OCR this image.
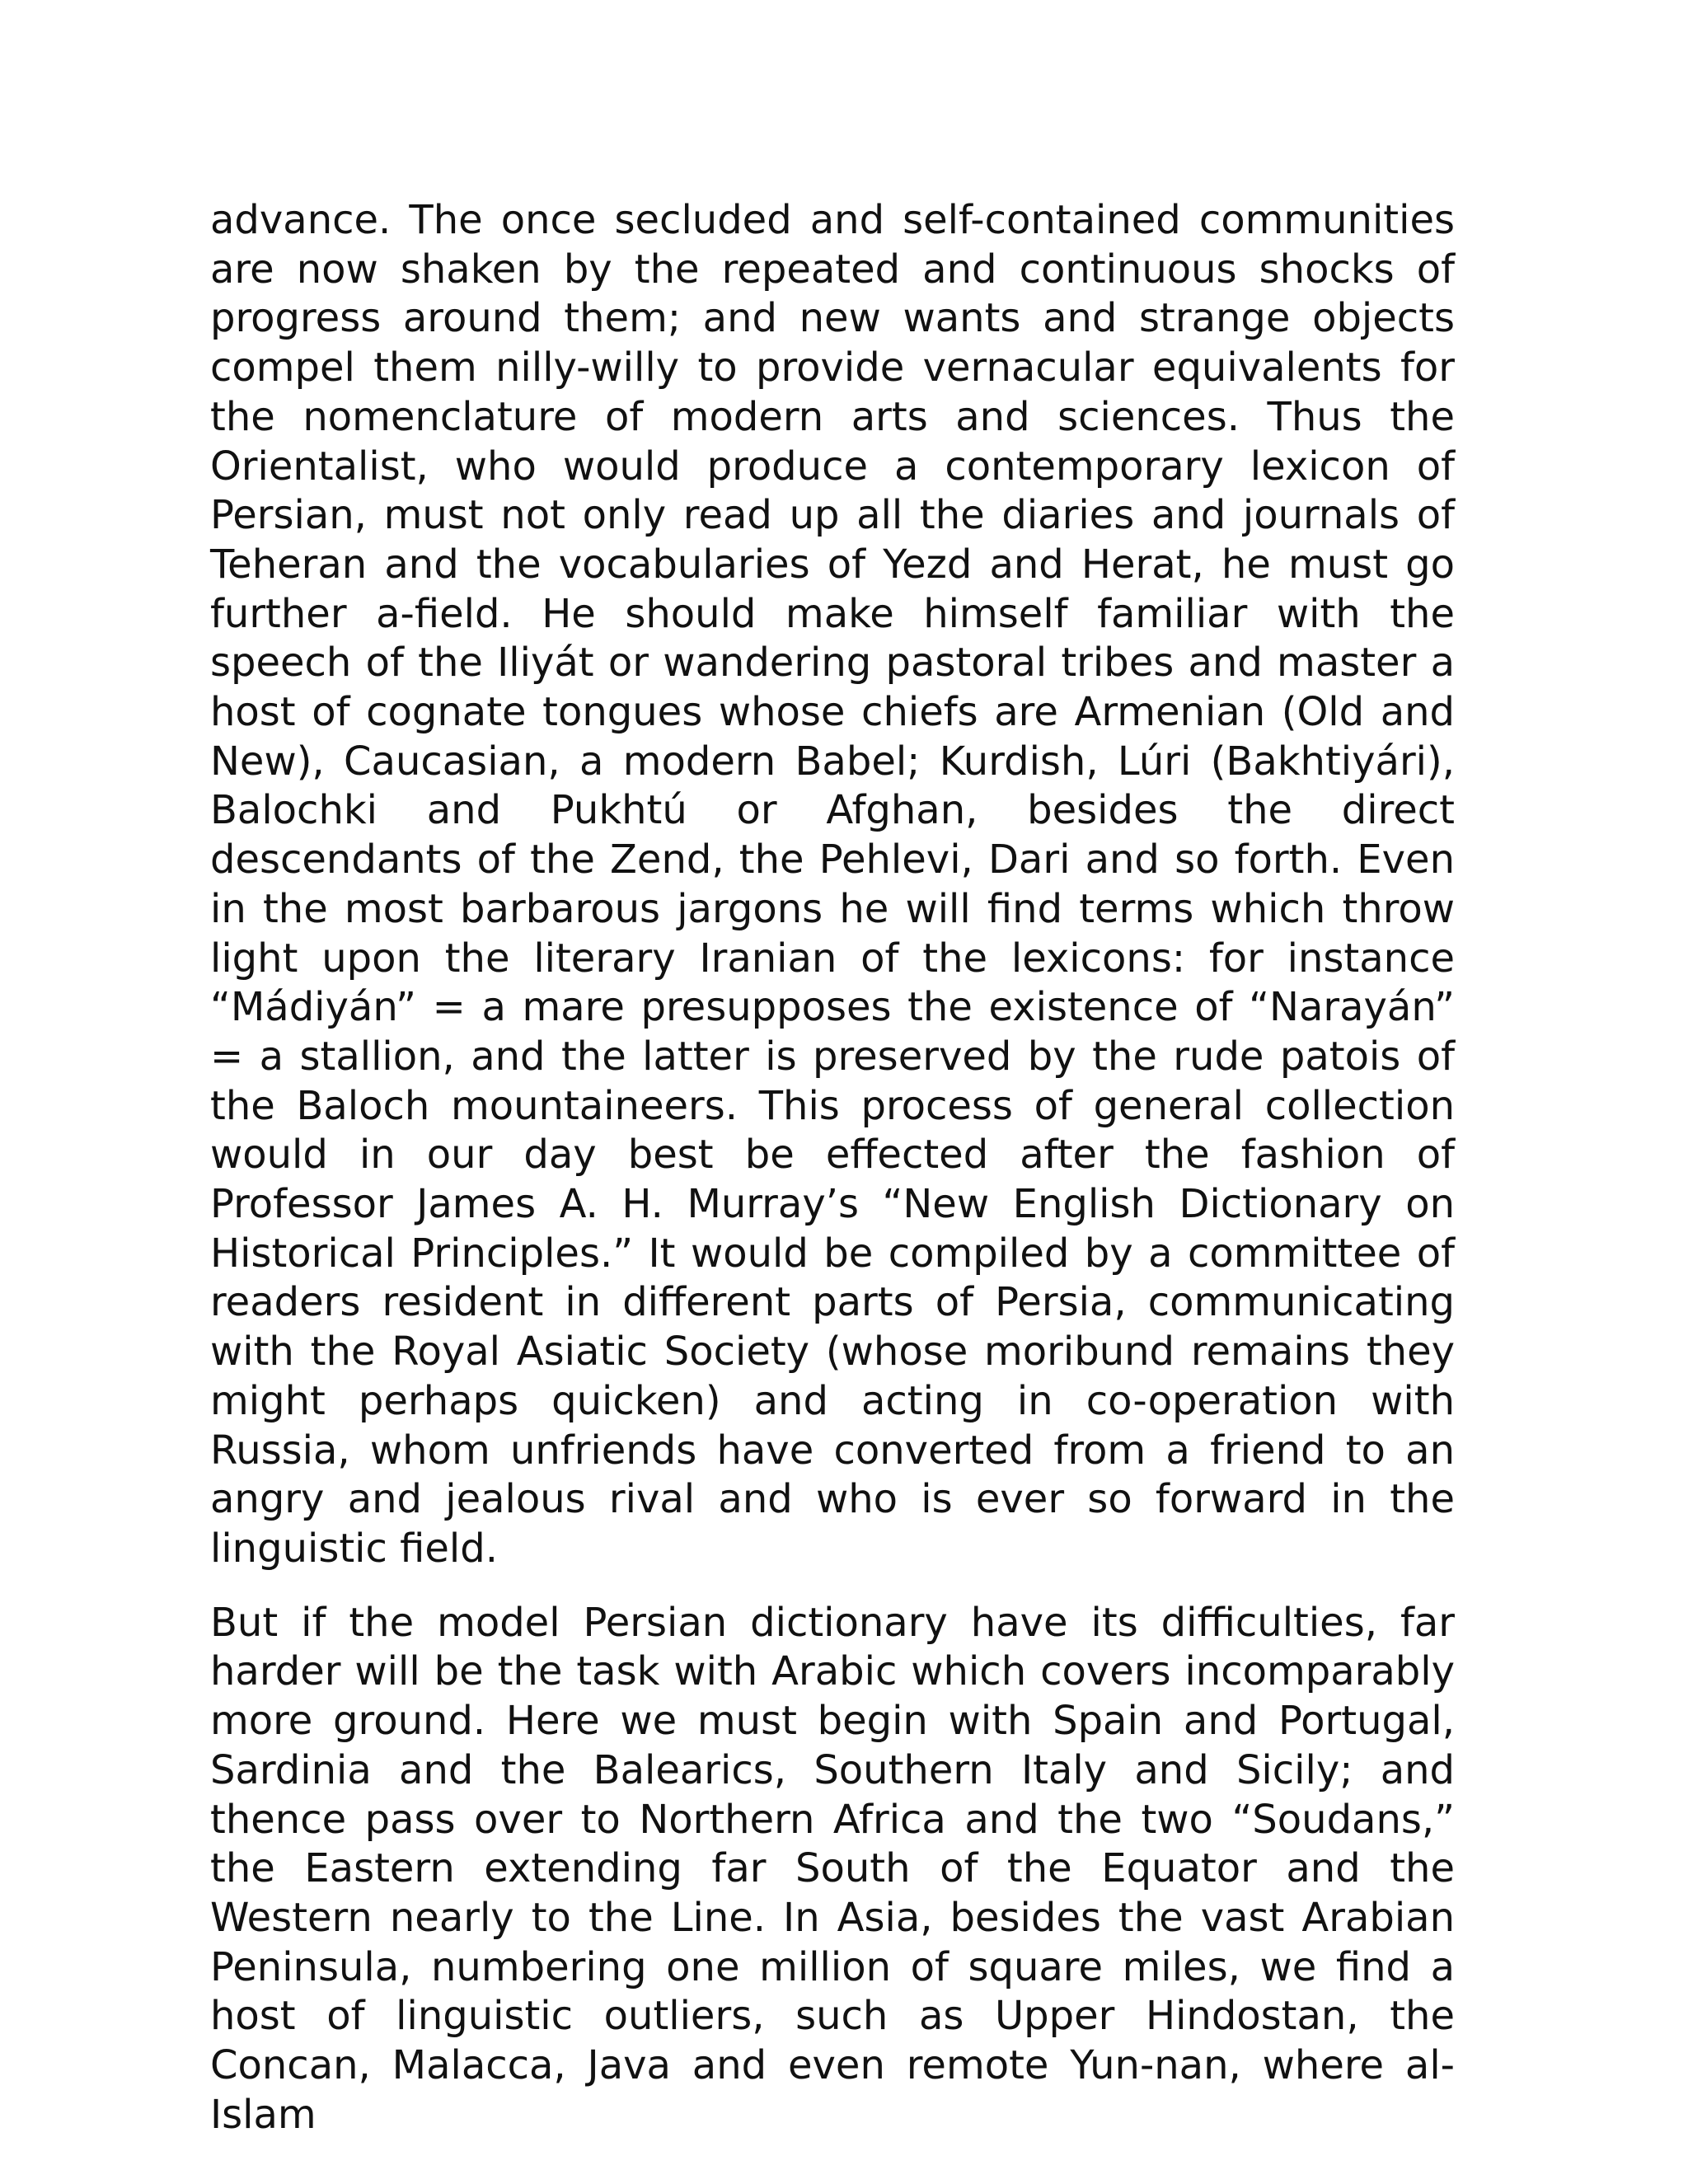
advance. The once secluded and self-contained communities are now shaken by the repeated and continuous shocks of progress around them; and new wants and strange objects compel them nilly-willy to provide vernacular equivalents for the nomenclature of modern arts and sciences. Thus the Orientalist, who would produce a contemporary lexicon of Persian, must not only read up all the diaries and journals of Teheran and the vocabularies of Yezd and Herat, he must go further a-field. He should make himself familiar with the speech of the Iliyát or wandering pastoral tribes and master a host of cognate tongues whose chiefs are Armenian (Old and New), Caucasian, a modern Babel; Kurdish, Lúri (Bakhtiyári), Balochki and Pukhtú or Afghan, besides the direct descendants of the Zend, the Pehlevi, Dari and so forth. Even in the most barbarous jargons he will find terms which throw light upon the literary Iranian of the lexicons: for instance “Mádiyán” = a mare presupposes the existence of “Narayán” = a stallion, and the latter is preserved by the rude patois of the Baloch mountaineers. This process of general collection would in our day best be effected after the fashion of Professor James A. H. Murray’s “New English Dictionary on Historical Principles.” It would be compiled by a committee of readers resident in different parts of Persia, communicating with the Royal Asiatic Society (whose moribund remains they might perhaps quicken) and acting in co-operation with Russia, whom unfriends have converted from a friend to an angry and jealous rival and who is ever so forward in the linguistic field.

But if the model Persian dictionary have its difficulties, far harder will be the task with Arabic which covers incomparably more ground. Here we must begin with Spain and Portugal, Sardinia and the Balearics, Southern Italy and Sicily; and thence pass over to Northern Africa and the two “Soudans,” the Eastern extending far South of the Equator and the Western nearly to the Line. In Asia, besides the vast Arabian Peninsula, numbering one million of square miles, we find a host of linguistic outliers, such as Upper Hindostan, the Concan, Malacca, Java and even remote Yun-nan, where al-Islam
